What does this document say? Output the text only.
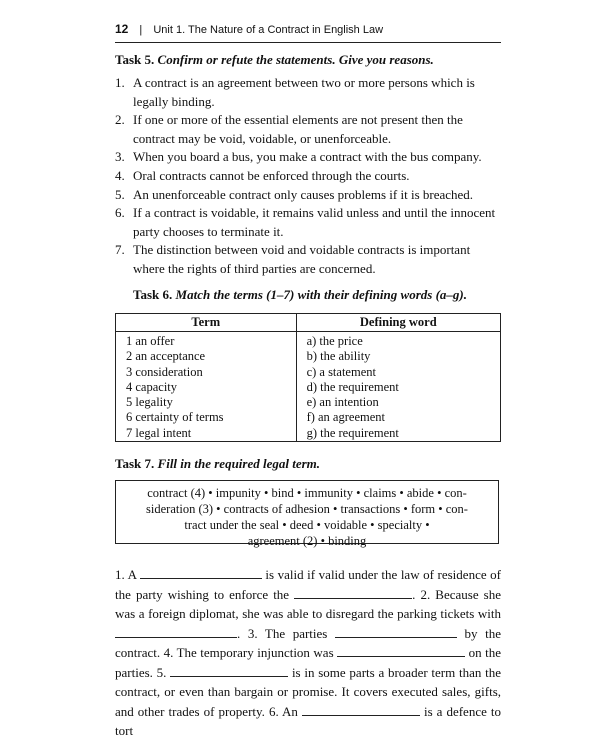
12 | Unit 1. The Nature of a Contract in English Law
Task 5. Confirm or refute the statements. Give you reasons.
1. A contract is an agreement between two or more persons which is legally binding.
2. If one or more of the essential elements are not present then the contract may be void, voidable, or unenforceable.
3. When you board a bus, you make a contract with the bus company.
4. Oral contracts cannot be enforced through the courts.
5. An unenforceable contract only causes problems if it is breached.
6. If a contract is voidable, it remains valid unless and until the innocent party chooses to terminate it.
7. The distinction between void and voidable contracts is important where the rights of third parties are concerned.
Task 6. Match the terms (1–7) with their defining words (a–g).
Term	Defining word
1 an offer	a) the price
2 an acceptance	b) the ability
3 consideration	c) a statement
4 capacity	d) the requirement
5 legality	e) an intention
6 certainty of terms	f) an agreement
7 legal intent	g) the requirement
Task 7. Fill in the required legal term.
contract (4) • impunity • bind • immunity • claims • abide • con-
sideration (3) • contracts of adhesion • transactions • form • con-
tract under the seal • deed • voidable • specialty •
agreement (2) • binding
1. A	is valid if valid under the law of residence of the party wishing to enforce the	. 2. Because she was a foreign diplomat, she was able to disregard the parking tickets with . 3. The parties	by the contract. 4. The temporary injunction was	on the parties. 5.	is in some parts a broader term than the contract, or even than bargain or promise. It covers executed sales, gifts, and other trades of property. 6. An	is a defence to tort
